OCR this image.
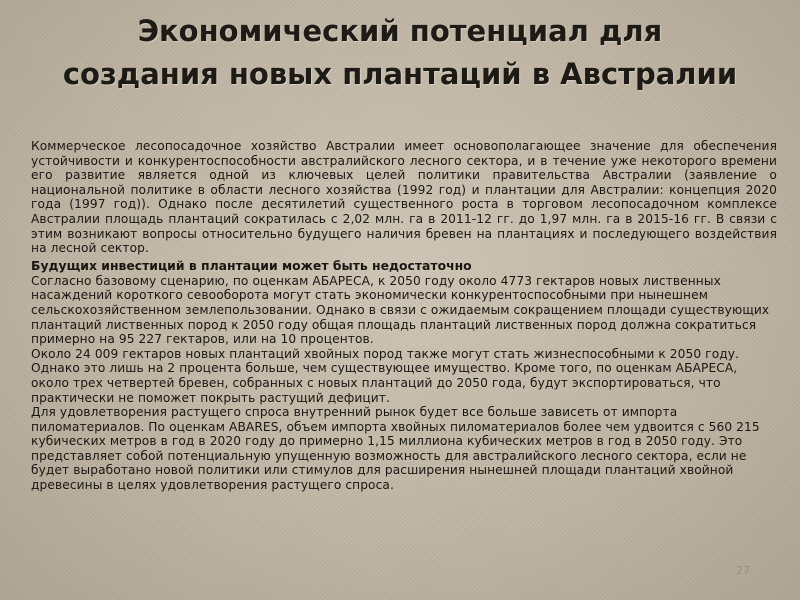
Экономический потенциал для создания новых плантаций в Австралии

Коммерческое лесопосадочное хозяйство Австралии имеет основополагающее значение для обеспечения устойчивости и конкурентоспособности австралийского лесного сектора, и в течение уже некоторого времени его развитие является одной из ключевых целей политики правительства Австралии (заявление о национальной политике в области лесного хозяйства (1992 год) и плантации для Австралии: концепция 2020 года (1997 год)). Однако после десятилетий существенного роста в торговом лесопосадочном комплексе Австралии площадь плантаций сократилась с 2,02 млн. га в 2011-12 гг. до 1,97 млн. га в 2015-16 гг. В связи с этим возникают вопросы относительно будущего наличия бревен на плантациях и последующего воздействия на лесной сектор.

Будущих инвестиций в плантации может быть недостаточно

Согласно базовому сценарию, по оценкам АБАРЕСА, к 2050 году около 4773 гектаров новых лиственных насаждений короткого севооборота могут стать экономически конкурентоспособными при нынешнем сельскохозяйственном землепользовании. Однако в связи с ожидаемым сокращением площади существующих плантаций лиственных пород к 2050 году общая площадь плантаций лиственных пород должна сократиться примерно на 95 227 гектаров, или на 10 процентов.

Около 24 009 гектаров новых плантаций хвойных пород также могут стать жизнеспособными к 2050 году. Однако это лишь на 2 процента больше, чем существующее имущество. Кроме того, по оценкам АБАРЕСА, около трех четвертей бревен, собранных с новых плантаций до 2050 года, будут экспортироваться, что практически не поможет покрыть растущий дефицит.

Для удовлетворения растущего спроса внутренний рынок будет все больше зависеть от импорта пиломатериалов. По оценкам ABARES, объем импорта хвойных пиломатериалов более чем удвоится с 560 215 кубических метров в год в 2020 году до примерно 1,15 миллиона кубических метров в год в 2050 году. Это представляет собой потенциальную упущенную возможность для австралийского лесного сектора, если не будет выработано новой политики или стимулов для расширения нынешней площади плантаций хвойной древесины в целях удовлетворения растущего спроса.

27
